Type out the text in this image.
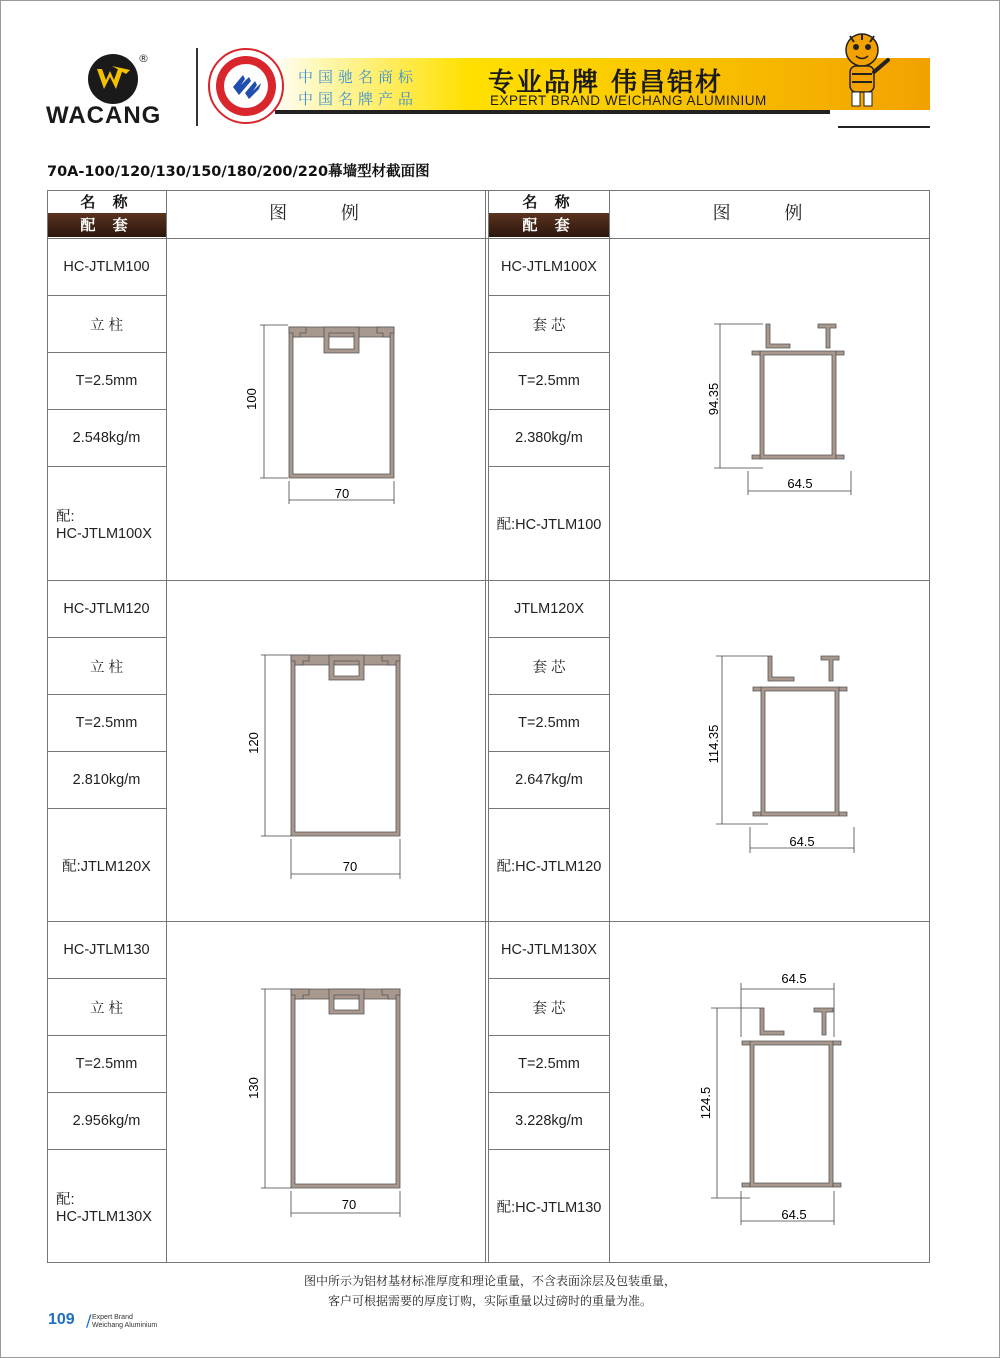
®
WACANG
中国驰名商标
中国名牌产品
专业品牌 伟昌铝材
EXPERT BRAND WEICHANG ALUMINIUM
70A-100/120/130/150/180/200/220幕墙型材截面图
名 称
配 套
图 例
名 称
配 套
图 例
HC-JTLM100
立 柱
T=2.5mm
2.548kg/m
配:
HC-JTLM100X
HC-JTLM100X
套 芯
T=2.5mm
2.380kg/m
配:HC-JTLM100
HC-JTLM120
立 柱
T=2.5mm
2.810kg/m
配:JTLM120X
JTLM120X
套 芯
T=2.5mm
2.647kg/m
配:HC-JTLM120
HC-JTLM130
立 柱
T=2.5mm
2.956kg/m
配:
HC-JTLM130X
HC-JTLM130X
套 芯
T=2.5mm
3.228kg/m
配:HC-JTLM130
100
70
94.35
64.5
120
70
114.35
64.5
130
70
64.5
124.5
64.5
图中所示为铝材基材标准厚度和理论重量，不含表面涂层及包装重量，
客户可根据需要的厚度订购，实际重量以过磅时的重量为准。
109 / Expert Brand
Weichang Aluminium
